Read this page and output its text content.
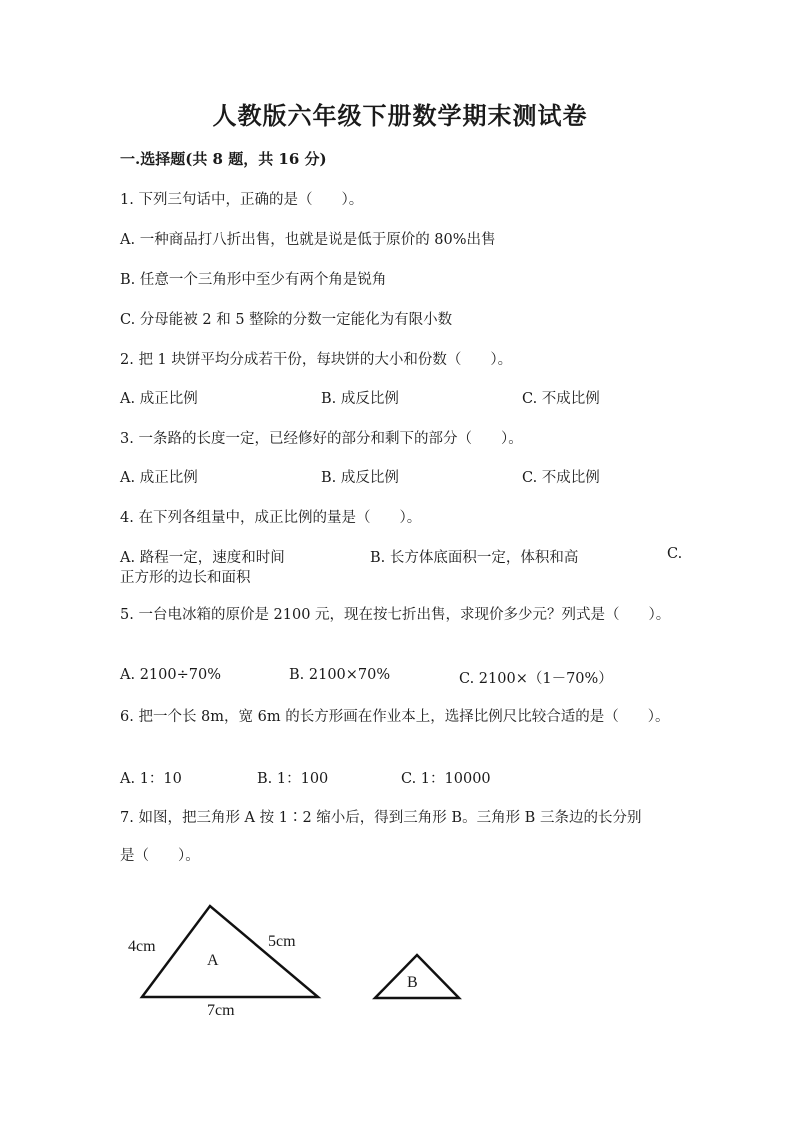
人教版六年级下册数学期末测试卷
一.选择题(共 8 题，共 16 分)
1. 下列三句话中，正确的是（　　）。
A. 一种商品打八折出售，也就是说是低于原价的 80%出售
B. 任意一个三角形中至少有两个角是锐角
C. 分母能被 2 和 5 整除的分数一定能化为有限小数
2. 把 1 块饼平均分成若干份，每块饼的大小和份数（　　）。
A. 成正比例	B. 成反比例	C. 不成比例
3. 一条路的长度一定，已经修好的部分和剩下的部分（　　）。
A. 成正比例	B. 成反比例	C. 不成比例
4. 在下列各组量中，成正比例的量是（　　）。
A. 路程一定，速度和时间	B. 长方体底面积一定，体积和高	C.
正方形的边长和面积
5. 一台电冰箱的原价是 2100 元，现在按七折出售，求现价多少元？列式是（　　）。
A. 2100÷70%	B. 2100×70%	C. 2100×（1－70%）
6. 把一个长 8m，宽 6m 的长方形画在作业本上，选择比例尺比较合适的是（　　）。
A. 1：10	B. 1：100	C. 1：10000
7. 如图，把三角形 A 按 1∶2 缩小后，得到三角形 B。三角形 B 三条边的长分别
是（　　）。
4cm	5cm
7cm
A
B
